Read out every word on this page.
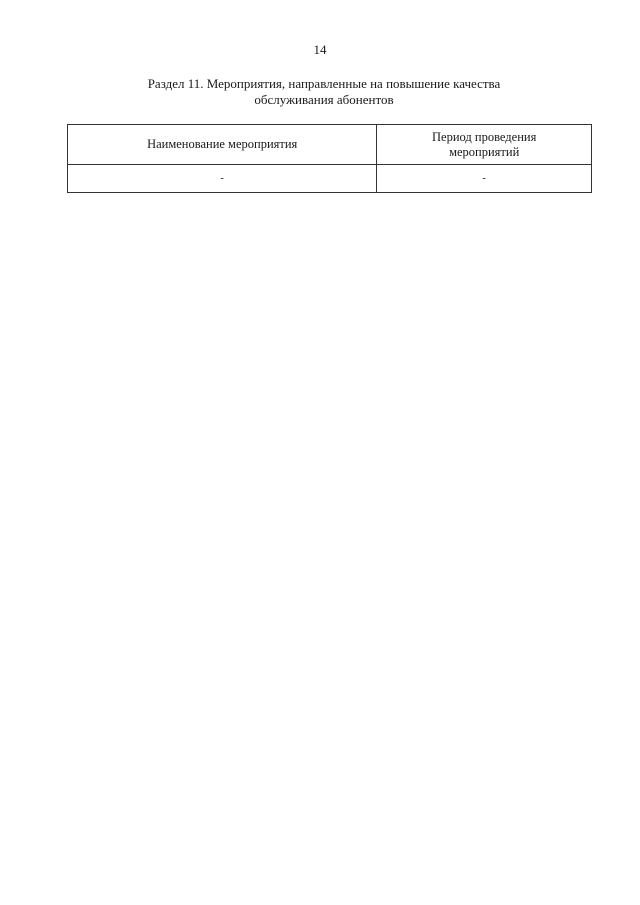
14
Раздел 11. Мероприятия, направленные на повышение качества
обслуживания абонентов
Наименование мероприятия	Период проведения
мероприятий

-	-
